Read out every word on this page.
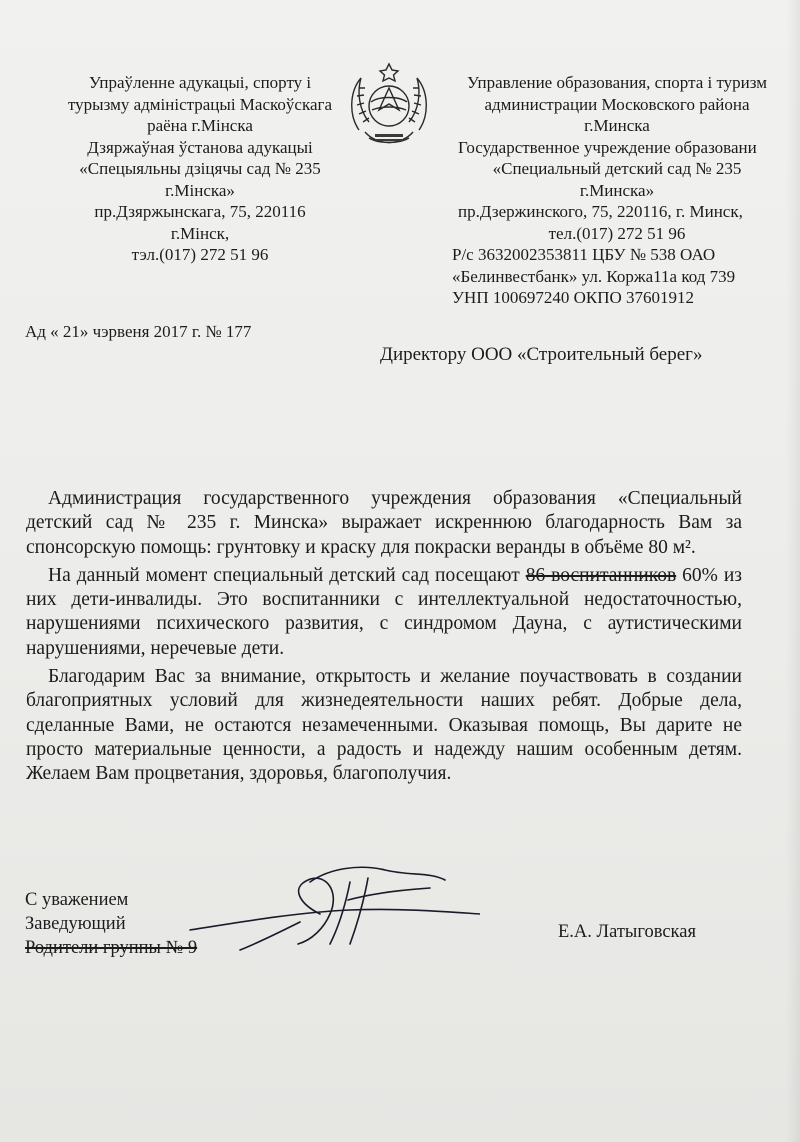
Упраўленне адукацыі, спорту і
турызму адміністрацыі Маскоўскага
раёна г.Мінска
Дзяржаўная ўстанова адукацыі
«Спецыяльны дзіцячы сад № 235
г.Мінска»
пр.Дзяржынскага, 75, 220116
г.Мінск,
тэл.(017) 272 51 96
Управление образования, спорта і туризм
администрации Московского района
г.Минска
Государственное учреждение образовани
«Специальный детский сад № 235
г.Минска»
пр.Дзержинского, 75, 220116, г. Минск,
тел.(017) 272 51 96
Р/с 3632002353811 ЦБУ № 538 ОАО
«Белинвестбанк» ул. Коржа11а код 739
УНП 100697240 ОКПО 37601912
Ад « 21» чэрвеня 2017 г. № 177
Директору ООО «Строительный берег»

Администрация государственного учреждения образования «Специальный детский сад № 235 г. Минска» выражает искреннюю благодарность Вам за спонсорскую помощь: грунтовку и краску для покраски веранды в объёме 80 м².

На данный момент специальный детский сад посещают 86 воспитанников 60% из них дети-инвалиды. Это воспитанники с интеллектуальной недостаточностью, нарушениями психического развития, с синдромом Дауна, с аутистическими нарушениями, неречевые дети.

Благодарим Вас за внимание, открытость и желание поучаствовать в создании благоприятных условий для жизнедеятельности наших ребят. Добрые дела, сделанные Вами, не остаются незамеченными. Оказывая помощь, Вы дарите не просто материальные ценности, а радость и надежду нашим особенным детям. Желаем Вам процветания, здоровья, благополучия.

С уважением
Заведующий
Родители группы № 9
Е.А. Латыговская
